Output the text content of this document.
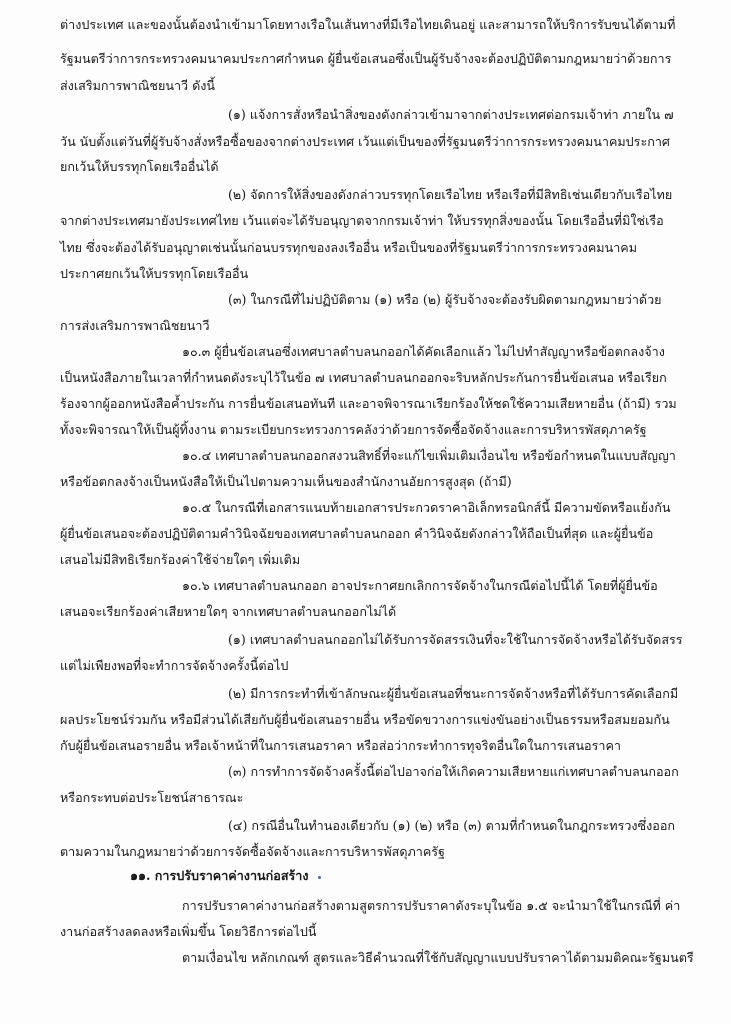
ต่างประเทศ และของนั้นต้องนำเข้ามาโดยทางเรือในเส้นทางที่มีเรือไทยเดินอยู่ และสามารถให้บริการรับขนได้ตามที่
รัฐมนตรีว่าการกระทรวงคมนาคมประกาศกำหนด ผู้ยื่นข้อเสนอซึ่งเป็นผู้รับจ้างจะต้องปฏิบัติตามกฎหมายว่าด้วยการ
ส่งเสริมการพาณิชยนาวี ดังนี้
(๑) แจ้งการสั่งหรือนำสิ่งของดังกล่าวเข้ามาจากต่างประเทศต่อกรมเจ้าท่า ภายใน ๗
วัน นับตั้งแต่วันที่ผู้รับจ้างสั่งหรือซื้อของจากต่างประเทศ เว้นแต่เป็นของที่รัฐมนตรีว่าการกระทรวงคมนาคมประกาศ
ยกเว้นให้บรรทุกโดยเรืออื่นได้
(๒) จัดการให้สิ่งของดังกล่าวบรรทุกโดยเรือไทย หรือเรือที่มีสิทธิเช่นเดียวกับเรือไทย
จากต่างประเทศมายังประเทศไทย เว้นแต่จะได้รับอนุญาตจากกรมเจ้าท่า ให้บรรทุกสิ่งของนั้น โดยเรืออื่นที่มิใช่เรือ
ไทย ซึ่งจะต้องได้รับอนุญาตเช่นนั้นก่อนบรรทุกของลงเรืออื่น หรือเป็นของที่รัฐมนตรีว่าการกระทรวงคมนาคม
ประกาศยกเว้นให้บรรทุกโดยเรืออื่น
(๓) ในกรณีที่ไม่ปฏิบัติตาม (๑) หรือ (๒) ผู้รับจ้างจะต้องรับผิดตามกฎหมายว่าด้วย
การส่งเสริมการพาณิชยนาวี
๑๐.๓ ผู้ยื่นข้อเสนอซึ่งเทศบาลตำบลนกออกได้คัดเลือกแล้ว ไม่ไปทำสัญญาหรือข้อตกลงจ้าง
เป็นหนังสือภายในเวลาที่กำหนดดังระบุไว้ในข้อ ๗ เทศบาลตำบลนกออกจะริบหลักประกันการยื่นข้อเสนอ หรือเรียก
ร้องจากผู้ออกหนังสือค้ำประกัน การยื่นข้อเสนอทันที และอาจพิจารณาเรียกร้องให้ชดใช้ความเสียหายอื่น (ถ้ามี) รวม
ทั้งจะพิจารณาให้เป็นผู้ทิ้งงาน ตามระเบียบกระทรวงการคลังว่าด้วยการจัดซื้อจัดจ้างและการบริหารพัสดุภาครัฐ
๑๐.๔ เทศบาลตำบลนกออกสงวนสิทธิ์ที่จะแก้ไขเพิ่มเติมเงื่อนไข หรือข้อกำหนดในแบบสัญญา
หรือข้อตกลงจ้างเป็นหนังสือให้เป็นไปตามความเห็นของสำนักงานอัยการสูงสุด (ถ้ามี)
๑๐.๕ ในกรณีที่เอกสารแนบท้ายเอกสารประกวดราคาอิเล็กทรอนิกส์นี้ มีความขัดหรือแย้งกัน
ผู้ยื่นข้อเสนอจะต้องปฏิบัติตามคำวินิจฉัยของเทศบาลตำบลนกออก คำวินิจฉัยดังกล่าวให้ถือเป็นที่สุด และผู้ยื่นข้อ
เสนอไม่มีสิทธิเรียกร้องค่าใช้จ่ายใดๆ เพิ่มเติม
๑๐.๖ เทศบาลตำบลนกออก อาจประกาศยกเลิกการจัดจ้างในกรณีต่อไปนี้ได้ โดยที่ผู้ยื่นข้อ
เสนอจะเรียกร้องค่าเสียหายใดๆ จากเทศบาลตำบลนกออกไม่ได้
(๑) เทศบาลตำบลนกออกไม่ได้รับการจัดสรรเงินที่จะใช้ในการจัดจ้างหรือได้รับจัดสรร
แต่ไม่เพียงพอที่จะทำการจัดจ้างครั้งนี้ต่อไป
(๒) มีการกระทำที่เข้าลักษณะผู้ยื่นข้อเสนอที่ชนะการจัดจ้างหรือที่ได้รับการคัดเลือกมี
ผลประโยชน์ร่วมกัน หรือมีส่วนได้เสียกับผู้ยื่นข้อเสนอรายอื่น หรือขัดขวางการแข่งขันอย่างเป็นธรรมหรือสมยอมกัน
กับผู้ยื่นข้อเสนอรายอื่น หรือเจ้าหน้าที่ในการเสนอราคา หรือส่อว่ากระทำการทุจริตอื่นใดในการเสนอราคา
(๓) การทำการจัดจ้างครั้งนี้ต่อไปอาจก่อให้เกิดความเสียหายแก่เทศบาลตำบลนกออก
หรือกระทบต่อประโยชน์สาธารณะ
(๔) กรณีอื่นในทำนองเดียวกับ (๑) (๒) หรือ (๓) ตามที่กำหนดในกฎกระทรวงซึ่งออก
ตามความในกฎหมายว่าด้วยการจัดซื้อจัดจ้างและการบริหารพัสดุภาครัฐ
๑๑. การปรับราคาค่างานก่อสร้าง
การปรับราคาค่างานก่อสร้างตามสูตรการปรับราคาดังระบุในข้อ ๑.๕ จะนำมาใช้ในกรณีที่ ค่า
งานก่อสร้างลดลงหรือเพิ่มขึ้น โดยวิธีการต่อไปนี้
ตามเงื่อนไข หลักเกณฑ์ สูตรและวิธีคำนวณที่ใช้กับสัญญาแบบปรับราคาได้ตามมติคณะรัฐมนตรี
